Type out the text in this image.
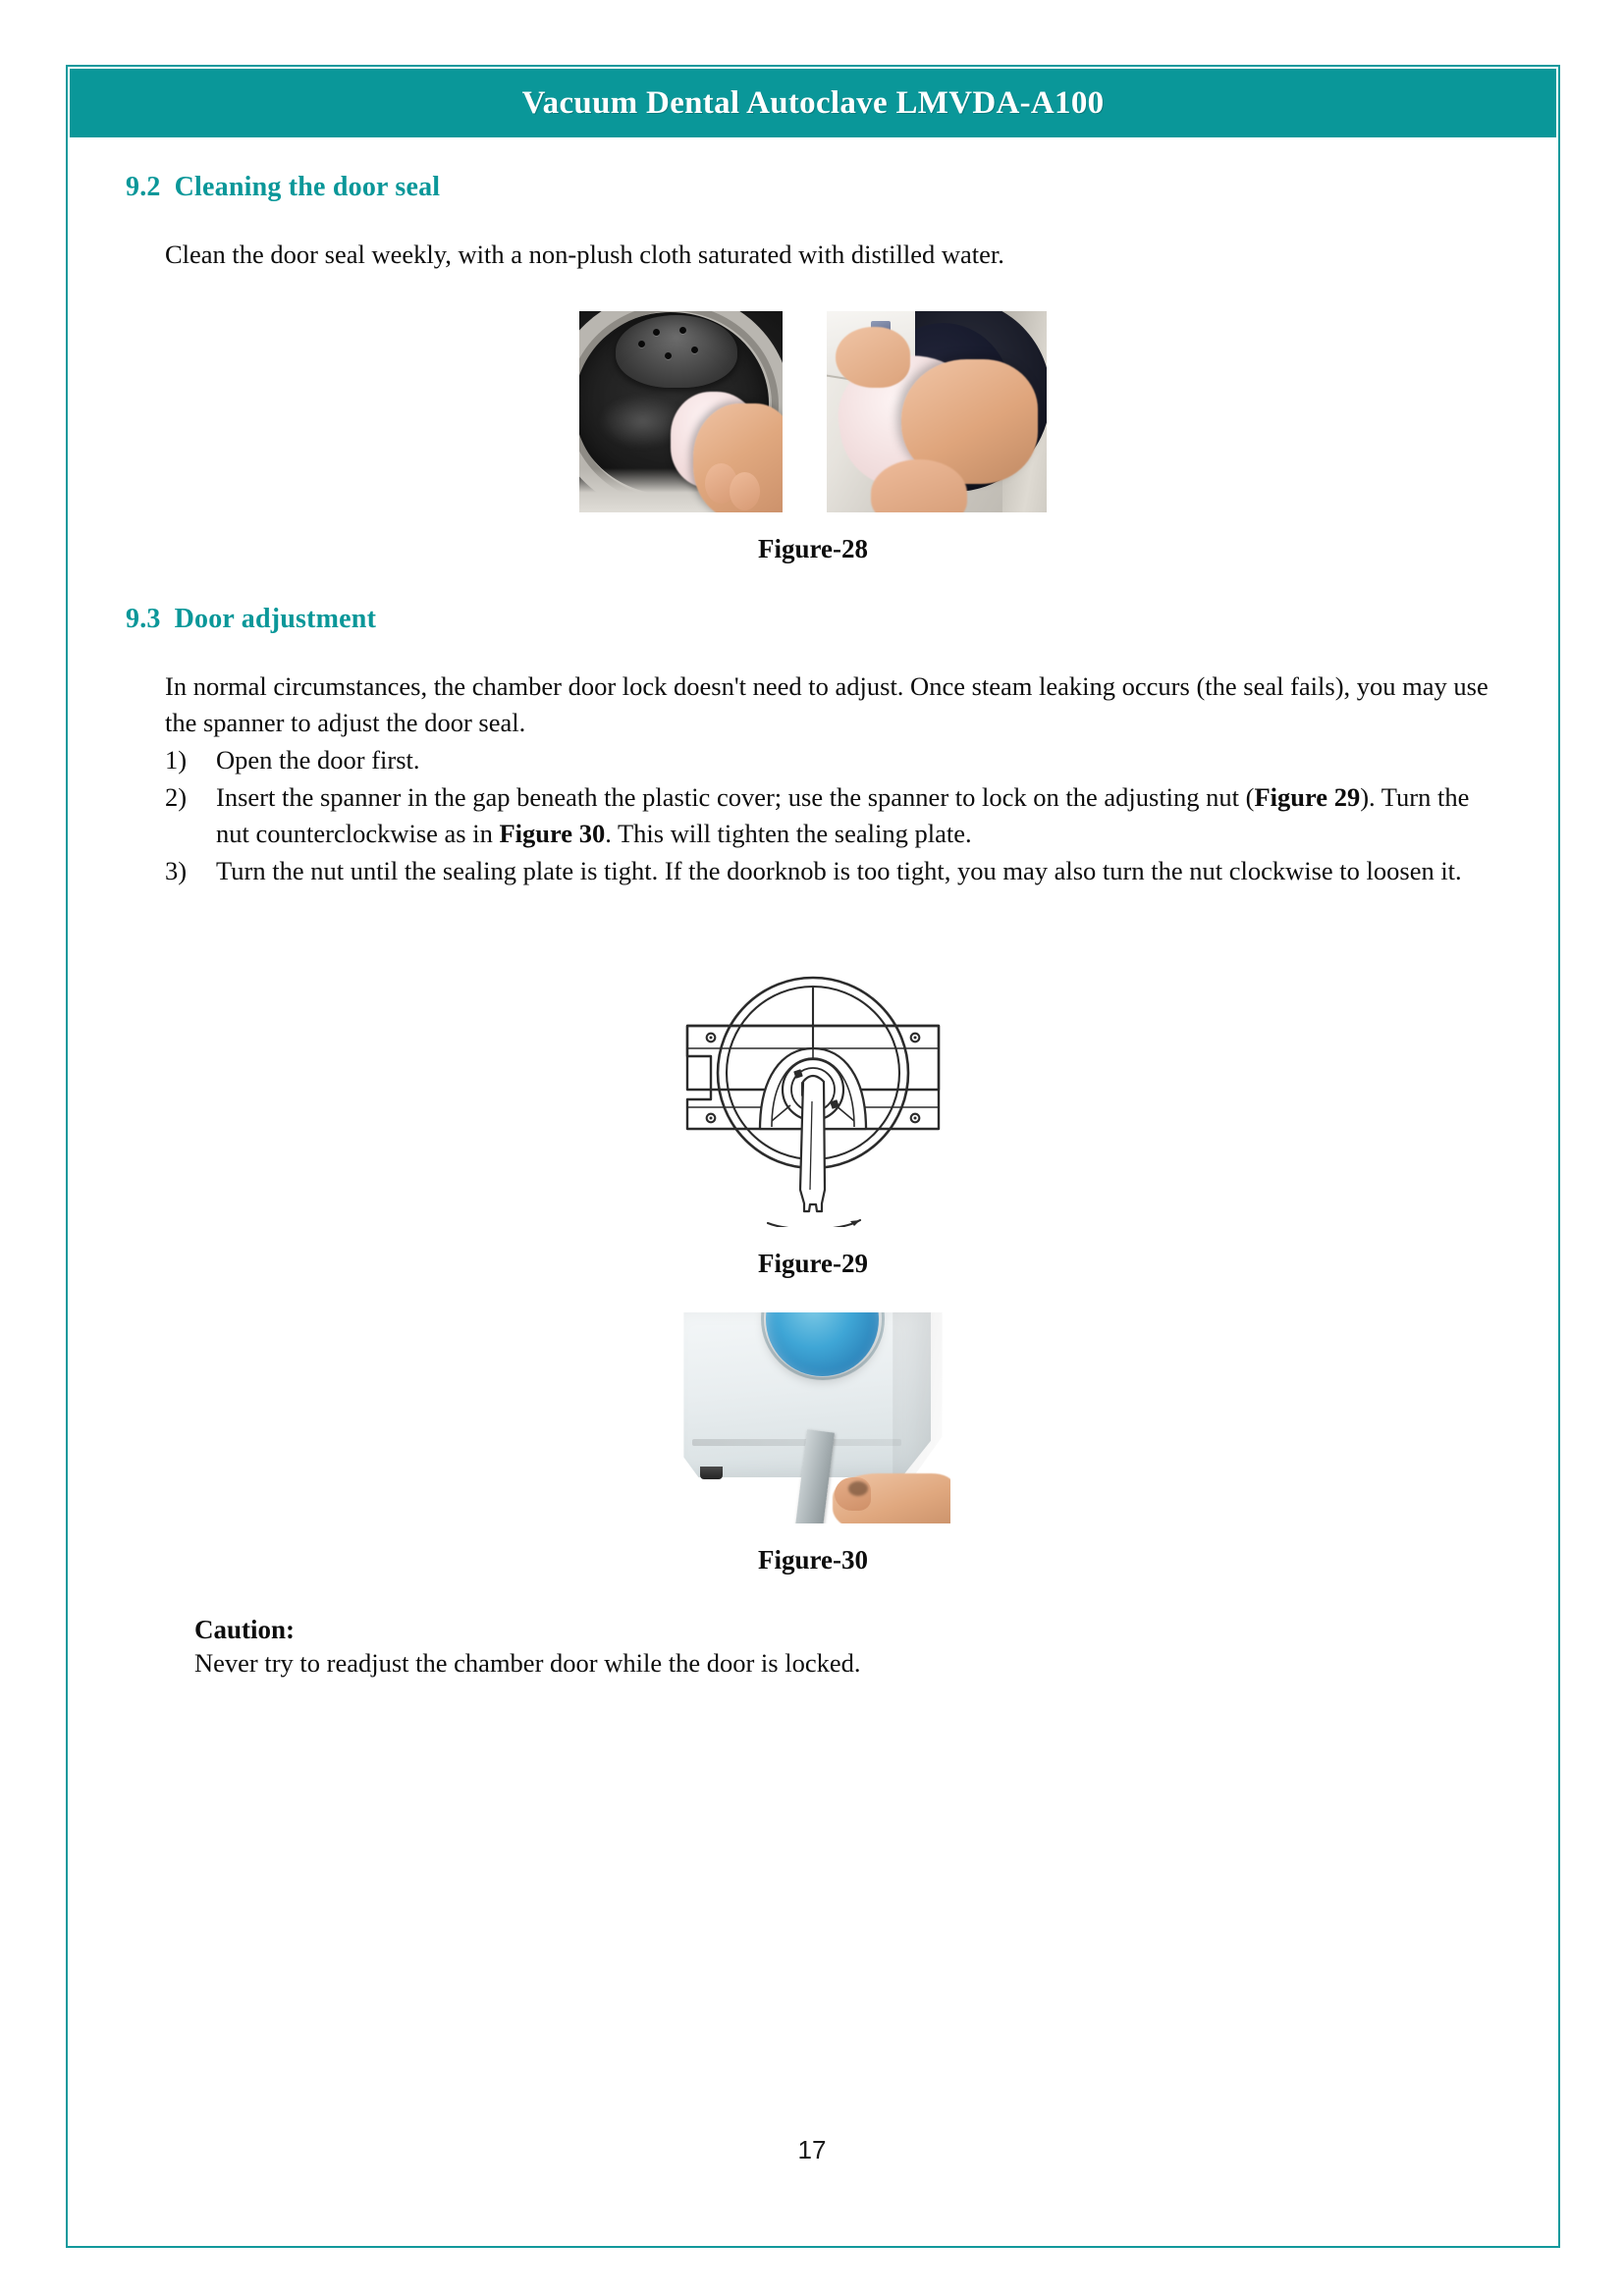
Vacuum Dental Autoclave LMVDA-A100
9.2 Cleaning the door seal

Clean the door seal weekly, with a non-plush cloth saturated with distilled water.

Figure-28
9.3 Door adjustment

In normal circumstances, the chamber door lock doesn't need to adjust. Once steam leaking occurs (the seal fails), you may use the spanner to adjust the door seal.

1)	Open the door first.
2)	Insert the spanner in the gap beneath the plastic cover; use the spanner to lock on the adjusting nut (Figure 29). Turn the nut counterclockwise as in Figure 30. This will tighten the sealing plate.
3)	Turn the nut until the sealing plate is tight. If the doorknob is too tight, you may also turn the nut clockwise to loosen it.
Figure-29
Figure-30
Caution:
Never try to readjust the chamber door while the door is locked.
17
